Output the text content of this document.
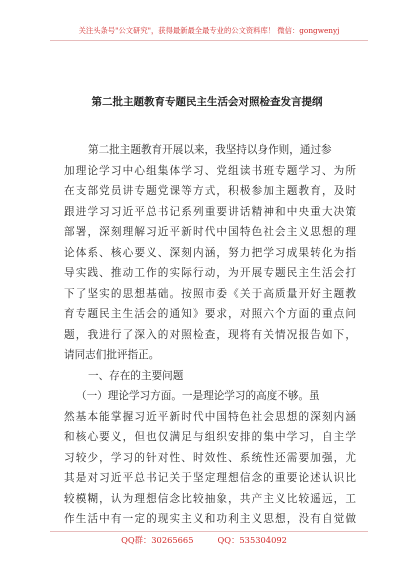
关注头条号"公文研究"，获得最新最全最专业的公文资料库！ 微信：gongwenyj
第二批主题教育专题民主生活会对照检查发言提纲
第二批主题教育开展以来，我坚持以身作则，通过参
加理论学习中心组集体学习、党组读书班专题学习、为所
在支部党员讲专题党课等方式，积极参加主题教育，及时
跟进学习习近平总书记系列重要讲话精神和中央重大决策
部署，深刻理解习近平新时代中国特色社会主义思想的理
论体系、核心要义、深刻内涵，努力把学习成果转化为指
导实践、推动工作的实际行动，为开展专题民主生活会打
下了坚实的思想基础。按照市委《关于高质量开好主题教
育专题民主生活会的通知》要求，对照六个方面的重点问
题，我进行了深入的对照检查，现将有关情况报告如下，
请同志们批评指正。
一、存在的主要问题
（一）理论学习方面。一是理论学习的高度不够。虽
然基本能掌握习近平新时代中国特色社会思想的深刻内涵
和核心要义，但也仅满足与组织安排的集中学习，自主学
习较少，学习的针对性、时效性、系统性还需要加强，尤
其是对习近平总书记关于坚定理想信念的重要论述认识比
较模糊，认为理想信念比较抽象，共产主义比较遥远，工
作生活中有一定的现实主义和功利主义思想，没有自觉做
QQ群：30265665	QQ：535304092
